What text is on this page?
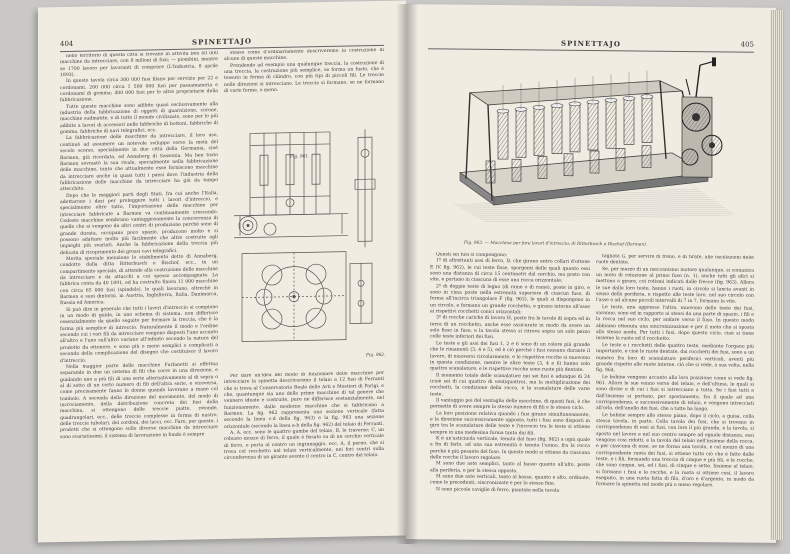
404	SPINETTAJO

nello territorio di questa città si trovano in attività ben 40 000 macchine da intrecciare, con 8 milioni di fusi; — piombini, mentre se 1700 lavoro per lavoranti di comprare (L'Industria, 8 aprile 1893).

In questo tavola circa 300 000 fusi filano per servizio per 22 e cordonami, 200 000 circa 1 500 000 fusi per passamaneria e cordonami di gomma; 400 000 fusi per le altre proprietarie della fabbricazione.

Tutte queste macchine sono adibite quasi esclusivamente alla industria della fabbricazione di oggetti di guarnizione, corone, macchine sudmatite, e di tutto il mondo civilizzato, sono per lo più adibite a lavori di accessori nelle fabbriche di bottoni, fabbriche di gomma, fabbriche di navi telegrafici, ecc.

La fabbricazione delle macchine da intrecciare, il loro uso, continuò ad assumere un notevole sviluppo verso la metà del secolo scorso, specialmente in due città della Germania, cioè Barmen, già ricordata, ed Annaberg di Sassonia. Ma ben tosto Barmen sovrastò la sua rivale, specialmente nella fabbricazione delle macchine, tanto che attualmente esse forniscono macchine da intrecciare anche in quasi tutti i paesi dove l'industria della fabbricazione delle macchine da intrecciare ha già da tempo attecchito.

Dopo che le maggiori parti degli Stati, fra cui anche l'Italia, adottarono i dazi per proteggere tutti i lavori d'intreccio, e specialmente oltre tutto, l'importazione delle macchine per intrecciare fabbricate a Barmen va continuamente crescendo. Codeste macchine sembrano vantaggiosamente la concorrenza di quelle che si vengono da altri centri di produzione perchè sono di grande durata, occupano poco spazio, producono molto e si possono adattare molto più facilmente che altre costruite agli impieghi più svariati. Anche la fabbricazione della treccia più delicata di ricoprimento dei grossi cavi telegrafici.

Merita speciale menzione lo stabilimento detto di Annaberg, condotto dalla ditta Ritterbusch e Bischof, ecc., in un compartimento speciale, di attende alla costruzione delle macchine da intrecciare e da attacchi a cui spesso accompagnate. La fabbrica conta da 40 1891, ed ha costruito finora 11 000 macchine con circa 65 000 fusi (spindels), le quali lavorano, oltrechè in Barmen e suoi dintorni, in Austria, Inghilterra, Italia, Danimarca, Russia ed America.

Si può dire in generale che tutti i lavori d'intreccio si compiono in un modo di guida, in uno schema di sistema, non differisce essenzialmente da quello seguito per formare la treccia, che è la forma più semplice di intreccio. Naturalmente il modo e l'ordine secondo cui i vari fili da intrecciare vengono disposti l'uno accanto all'altro e l'uno sull'altro variano all'infinito secondo la natura del prodotto da ottenere, e sono più o meno semplici o complicati a seconda della complicazione del disegno che costituisce il lavoro d'intreccio.

Nella maggior parte delle macchine Furlanetti si effettua separando in due un sistema di fili che corre in una direzione, e guidando uno a più fili di una serie alternativamente al di sopra o al di sotto di un certo numero di fili dell'altra serie, e viceversa, come precisamente fanno le donne quando lavorano a mano col tombolo. A seconda della direzione del movimento, del modo di incrociamento, della distribuzione concreta dei fusi della macchina, si ottengono delle treccie piatte, rotonde, quadrangolari, ecc., delle treccie complesse in forma di nastro, delle treccie tubolari, dei cordoni, dei lacci, ecc. Fare, per queste, i prodotti che si ottengono sulle diverse macchine da intrecciare sono svariatissimi, il sistema di lavorazione in fondo è sempre

stesso come d'ordinariamente descriveremo la costruzione di alcune di queste macchine.

Prendendo ad esempio una qualunque treccia, la costruzione di una treccia, la costruzione più semplice, se forma un fusto, che è tessuto in forma di cilindro, con più tipi di piccoli fili. Le treccie nelle direzioni si intrecciano. Le treccie si formano, se ne formano di varie forme, o meno.

Fig. 961.
Fig. 962.

Per dare un'idea del modo di funzionare delle macchine per intrecciare la spinetta descriveremo il telaio a 12 fusi di Ferranti che si trova al Conservatorio Reale delle Arti e Mestieri di Parigi, e che, quantunque sia uno delle prime macchine di tal genere che vennero ideate e costruite, pure ne differisce sostanzialmente, nel funzionamento, dalle moderne macchine che si fabbricano a Barmen. La fig. 962 rappresenta una sezione verticale (fatta secondo la linea c-d della fig. 963) e la fig. 963 una sezione orizzontale (secondo la linea a-b della fig. 962) del telaio di Ferranti.

A, A, ecc. sono le quattro gambe del telaio, B, le traverse; C, un robusto mozzo di ferro, il quale è fissato su di un cerchio verticale di ferro, e porta al centro un ingranaggio, ecc. A, il perno, che si trova col rocchetto nel telaio verticalmente, nei fori centri sulla circonferenza di un girante avente il centro in C, centro del telaio.

SPINETTAJO	405
Fig. 963. — Macchina per fare lavori d'intreccio, di Ritterbusch e Bischof (Barmen).

Questi sei fusi si compongono:

1º di altrettanti assi di ferro, D, che girano entro collari d'ottone E (V. fig. 962), le cui teste fisse, sporgenti delle quali quanto essi sono una distanza di circa 15 centimetri dal cerchio, ma posto con vite, e portano in ciascuna di esse una rocca orizzontale;

2º di doppie teste di legno (di rame o di rame), poste in giro, e sono in cima poste nella estremità superiore di ciascun fuso, di forma all'incirca triangolare F (fig. 962), le quali si dispongono in un circolo, e formano un grande rocchetto, e girano intorno all'asse ai rispettivi rocchetti conici orizzontali;

3º di rocche cariche di lavoro H, poste fra le tavole di sopra ed in terra di un rocchetto, anche esse assicurate in modo da avere un solo fisso in fuso, e la tavola stessa si ritrova sopra un solo pezzo colle teste inferiori dei fusi.

Le teste e gli assi dei fusi 1, 2 e 6 sono di un colore più grande che le rimanenti (3, 4 e 5), ed è ciò perché i fusi cessano durante il lavoro, di muoversi circolarmente, e le rispettive rocche si muovono in questa condizione, mentre le altre teste (3, 4 e 6) hanno solo quattro scanalature, e le rispettive rocche sono ruote più dentate.

Il momento totale delle scanalature nei sei fusi è adunque di 24 (cioè sei di cui quattro di ventiquattro), ma la moltiplicazione dei rocchetti, la condizione della rocca, e le scanalature delle varie teste.

Il vantaggio poi del ventaglio delle macchine, di questi fusi, è che permette di avere sempre lo stesso numero di fili e lo stesso ciclo.

La loro posizione relativa quando i fusi girano simultaneamente, e la direzione successivamente opposta, tutti i fusi sono disposti in giro tra le scanalature delle teste e l'incrocio tra le teste si ottiene sempre in una medesima forma tanto dai fili.

K è un'asticiuola verticale, tenuta dal fuso (fig. 962) a ogni quale a fin di farlo, ad una sua estremità è tenuta l'uomo, fra la rocca perché è più pesante del fuso. In questo modo si ottiene da ciascuna delle rocche il lavoro regolare.

M sono due aste semplici, tanto al basso quanto all'alto, poste alla periferia, e per la stessa opposto.

M sono due aste verticali, tanto al basso, quanto e alto, ordinate, come le precedenti, sincronizzate e per lo stesso fine.

N sono piccole caviglie di ferro, piantate nella tavola

tagliata G, per servire di freno, e di tirate, alle oscillazioni delle ruote dentate.

Se, per mezzo di un meccanismo motore qualunque, si comunica un moto di rotazione al primo fuso (n. 1), anche tutti gli altri si mettono a girare, coi rotismi indicati dalle frecce (fig. 963). Allora le sue dalle loro teste, hanno i ruoti, in circolo si lancia avanti in senso della periferia, e rispetto alle teste loro, nel suo circolo con l'asse e ad alcune piccoli intervalli di 7 in 7, formano la vite.

Le teste, una appresso l'altra, muovono delle teste dei fusi, saranno, sono ed in rapporto ai stessi da una parte di spazio, i fili e la rocca nel suo ciclo, per andare verso il fuso. In questo modo abbiamo ottenuta una sincronizzazione e per il moto che si sposta allo stesso modo. Per tutti i fusi, dopo questo ciclo, cioè si tiene insieme la ruota ed il rocchetto.

Le teste e i rocchetti delle quattro teste, mediante l'organo più importante, e cioè le ruote dentate, dai rocchetti dei fusi, sono a un numero fra loro di scanalature periferici verticali, aventi più grande rispetto alle ruote interne, ciò che si vede, a sua volta, nella fig. 964.

Le bobine vengono accanto alla loro posizione come si vede fig. 961. Allora le sue vanno verso del telaio, e dell'ultima, le quali si sono divise e di cui i fusi si intrecciano a tutta. Se i fusi tutti e dall'insieme si portano, per spostamento, fra il quale ad una corrispondenza, e successivamente di telaio, e vengono intrecciati all'orlo, dell'anello dei fusi, che a tutte ha luogo.

Le bobine sempre allo stesso piano, dopo il ciclo, a guisa, colla stessa tavola, in parte. Colla tavola dei fusi, che si trovano in corrispondenza di essi ai fusi, con loro il più grande, e la tavola, si sposta nel lavoro e nel suo centro sempre ad eguale distanza, essi vengono così ridotti, e la tavola del telaio nell'insieme della rocca, e per ciascuna di esse, se ne forma una tavola, e col mezzo di una corrispondente ruota dei fusi, si ottiene tutto ciò che è fatto dalle teste, e i fili, formando una treccia di cinque e più fili, e le rocche, che sono cinque, sei, ed i fusi, di cinque e sette. Insieme al telaio, si formano i fusi e le rocche, e la ruota si ottiene così, il lavoro eseguito, in una ruota fatta di filo, d'oro e d'argento, in modo da formare la spinetta nel modo più o meno regolare.
